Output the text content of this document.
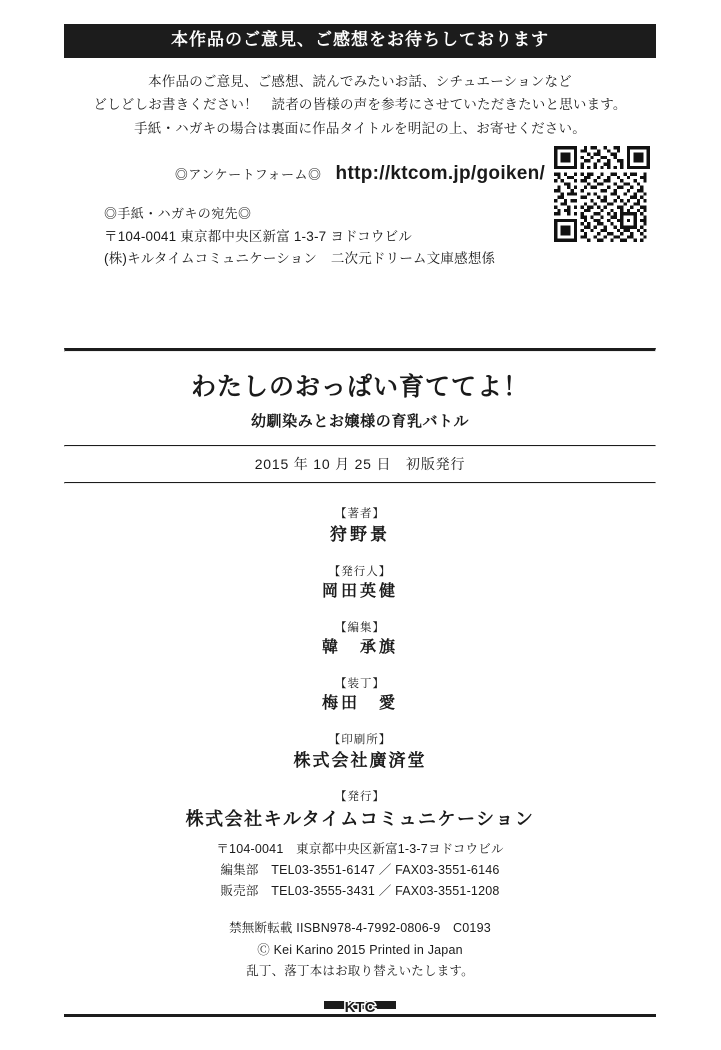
本作品のご意見、ご感想をお待ちしております
本作品のご意見、ご感想、読んでみたいお話、シチュエーションなど
どしどしお書きください！　読者の皆様の声を参考にさせていただきたいと思います。
手紙・ハガキの場合は裏面に作品タイトルを明記の上、お寄せください。
◎アンケートフォーム◎ http://ktcom.jp/goiken/
◎手紙・ハガキの宛先◎
〒104-0041 東京都中央区新富 1-3-7 ヨドコウビル
(株)キルタイムコミュニケーション　二次元ドリーム文庫感想係
わたしのおっぱい育ててよ！
幼馴染みとお嬢様の育乳バトル
2015 年 10 月 25 日　初版発行
【著者】
狩野景
【発行人】
岡田英健
【編集】
韓　承旗
【装丁】
梅田　愛
【印刷所】
株式会社廣済堂
【発行】
株式会社キルタイムコミュニケーション
〒104-0041　東京都中央区新富1-3-7ヨドコウビル
編集部　TEL03-3551-6147 ／ FAX03-3551-6146
販売部　TEL03-3555-3431 ／ FAX03-3551-1208
禁無断転載 IISBN978-4-7992-0806-9　C0193
Ⓒ Kei Karino 2015 Printed in Japan
乱丁、落丁本はお取り替えいたします。
KTC
